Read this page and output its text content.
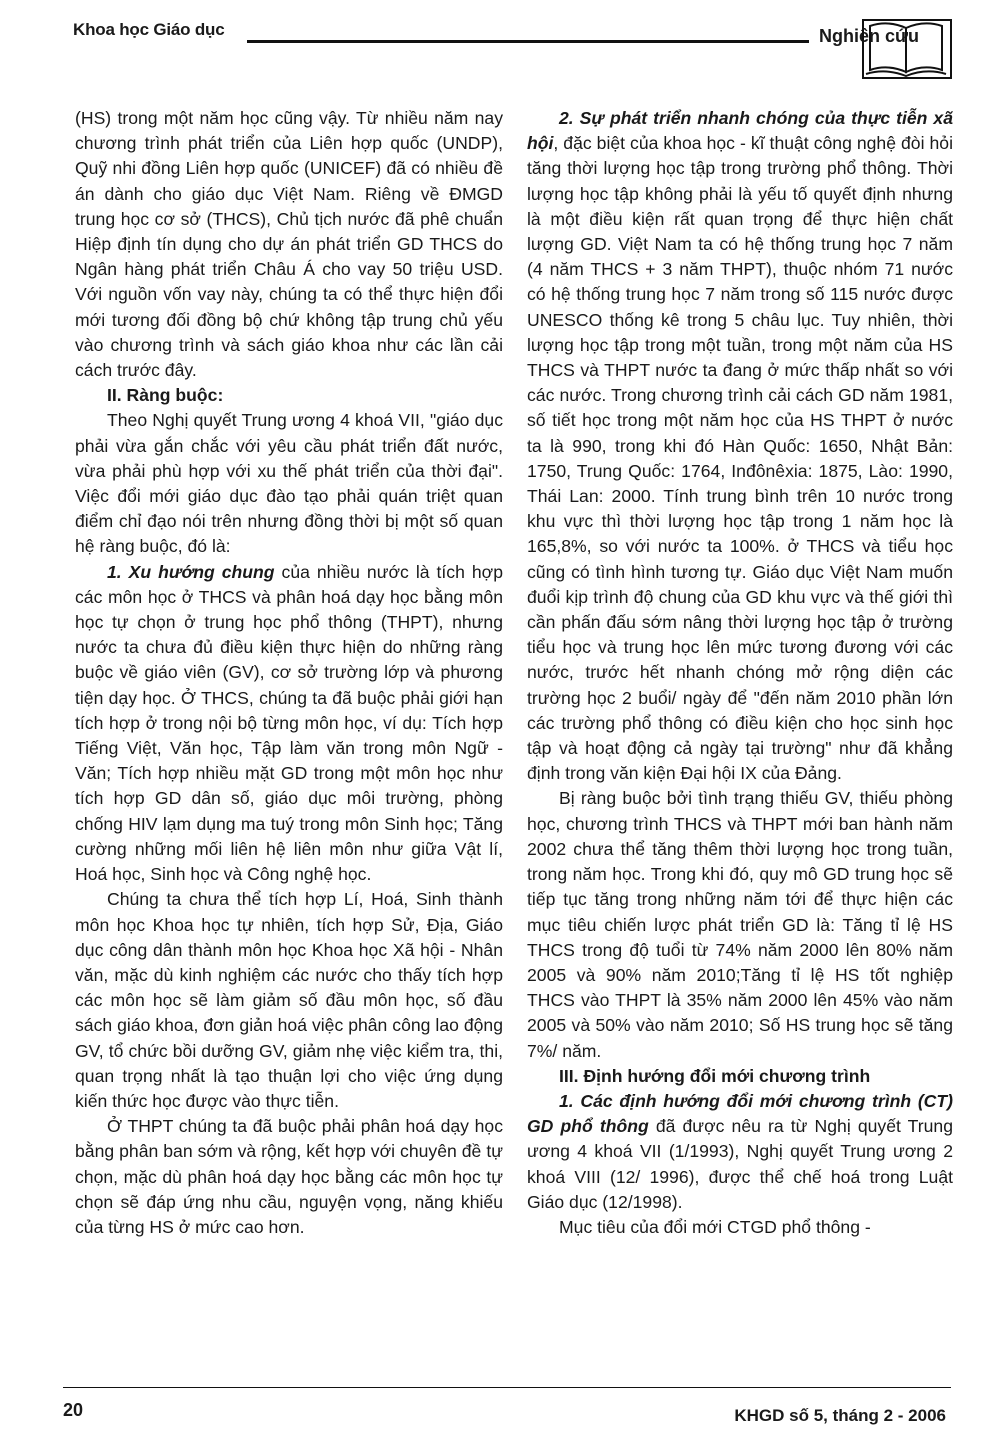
Khoa học Giáo dục	Nghiên cứu

(HS) trong một năm học cũng vậy. Từ nhiều năm nay chương trình phát triển của Liên hợp quốc (UNDP), Quỹ nhi đồng Liên hợp quốc (UNICEF) đã có nhiều đề án dành cho giáo dục Việt Nam. Riêng về ĐMGD trung học cơ sở (THCS), Chủ tịch nước đã phê chuẩn Hiệp định tín dụng cho dự án phát triển GD THCS do Ngân hàng phát triển Châu Á cho vay 50 triệu USD. Với nguồn vốn vay này, chúng ta có thể thực hiện đổi mới tương đối đồng bộ chứ không tập trung chủ yếu vào chương trình và sách giáo khoa như các lần cải cách trước đây.

II. Ràng buộc:

Theo Nghị quyết Trung ương 4 khoá VII, "giáo dục phải vừa gắn chắc với yêu cầu phát triển đất nước, vừa phải phù hợp với xu thế phát triển của thời đại". Việc đổi mới giáo dục đào tạo phải quán triệt quan điểm chỉ đạo nói trên nhưng đồng thời bị một số quan hệ ràng buộc, đó là:

1. Xu hướng chung của nhiều nước là tích hợp các môn học ở THCS và phân hoá dạy học bằng môn học tự chọn ở trung học phổ thông (THPT), nhưng nước ta chưa đủ điều kiện thực hiện do những ràng buộc về giáo viên (GV), cơ sở trường lớp và phương tiện dạy học. Ở THCS, chúng ta đã buộc phải giới hạn tích hợp ở trong nội bộ từng môn học, ví dụ: Tích hợp Tiếng Việt, Văn học, Tập làm văn trong môn Ngữ - Văn; Tích hợp nhiều mặt GD trong một môn học như tích hợp GD dân số, giáo dục môi trường, phòng chống HIV lạm dụng ma tuý trong môn Sinh học; Tăng cường những mối liên hệ liên môn như giữa Vật lí, Hoá học, Sinh học và Công nghệ học.

Chúng ta chưa thể tích hợp Lí, Hoá, Sinh thành môn học Khoa học tự nhiên, tích hợp Sử, Địa, Giáo dục công dân thành môn học Khoa học Xã hội - Nhân văn, mặc dù kinh nghiệm các nước cho thấy tích hợp các môn học sẽ làm giảm số đầu môn học, số đầu sách giáo khoa, đơn giản hoá việc phân công lao động GV, tổ chức bồi dưỡng GV, giảm nhẹ việc kiểm tra, thi, quan trọng nhất là tạo thuận lợi cho việc ứng dụng kiến thức học được vào thực tiễn.

Ở THPT chúng ta đã buộc phải phân hoá dạy học bằng phân ban sớm và rộng, kết hợp với chuyên đề tự chọn, mặc dù phân hoá dạy học bằng các môn học tự chọn sẽ đáp ứng nhu cầu, nguyện vọng, năng khiếu của từng HS ở mức cao hơn.

2. Sự phát triển nhanh chóng của thực tiễn xã hội, đặc biệt của khoa học - kĩ thuật công nghệ đòi hỏi tăng thời lượng học tập trong trường phổ thông. Thời lượng học tập không phải là yếu tố quyết định nhưng là một điều kiện rất quan trọng để thực hiện chất lượng GD. Việt Nam ta có hệ thống trung học 7 năm (4 năm THCS + 3 năm THPT), thuộc nhóm 71 nước có hệ thống trung học 7 năm trong số 115 nước được UNESCO thống kê trong 5 châu lục. Tuy nhiên, thời lượng học tập trong một tuần, trong một năm của HS THCS và THPT nước ta đang ở mức thấp nhất so với các nước. Trong chương trình cải cách GD năm 1981, số tiết học trong một năm học của HS THPT ở nước ta là 990, trong khi đó Hàn Quốc: 1650, Nhật Bản: 1750, Trung Quốc: 1764, Inđônêxia: 1875, Lào: 1990, Thái Lan: 2000. Tính trung bình trên 10 nước trong khu vực thì thời lượng học tập trong 1 năm học là 165,8%, so với nước ta 100%. ở THCS và tiểu học cũng có tình hình tương tự. Giáo dục Việt Nam muốn đuổi kịp trình độ chung của GD khu vực và thế giới thì cần phấn đấu sớm nâng thời lượng học tập ở trường tiểu học và trung học lên mức tương đương với các nước, trước hết nhanh chóng mở rộng diện các trường học 2 buổi/ ngày để "đến năm 2010 phần lớn các trường phổ thông có điều kiện cho học sinh học tập và hoạt động cả ngày tại trường" như đã khẳng định trong văn kiện Đại hội IX của Đảng.

Bị ràng buộc bởi tình trạng thiếu GV, thiếu phòng học, chương trình THCS và THPT mới ban hành năm 2002 chưa thể tăng thêm thời lượng học trong tuần, trong năm học. Trong khi đó, quy mô GD trung học sẽ tiếp tục tăng trong những năm tới để thực hiện các mục tiêu chiến lược phát triển GD là: Tăng tỉ lệ HS THCS trong độ tuổi từ 74% năm 2000 lên 80% năm 2005 và 90% năm 2010;Tăng tỉ lệ HS tốt nghiệp THCS vào THPT là 35% năm 2000 lên 45% vào năm 2005 và 50% vào năm 2010; Số HS trung học sẽ tăng 7%/ năm.

III. Định hướng đổi mới chương trình

1. Các định hướng đổi mới chương trình (CT) GD phổ thông đã được nêu ra từ Nghị quyết Trung ương 4 khoá VII (1/1993), Nghị quyết Trung ương 2 khoá VIII (12/ 1996), được thể chế hoá trong Luật Giáo dục (12/1998).

Mục tiêu của đổi mới CTGD phổ thông -

20	KHGD số 5, tháng 2 - 2006
